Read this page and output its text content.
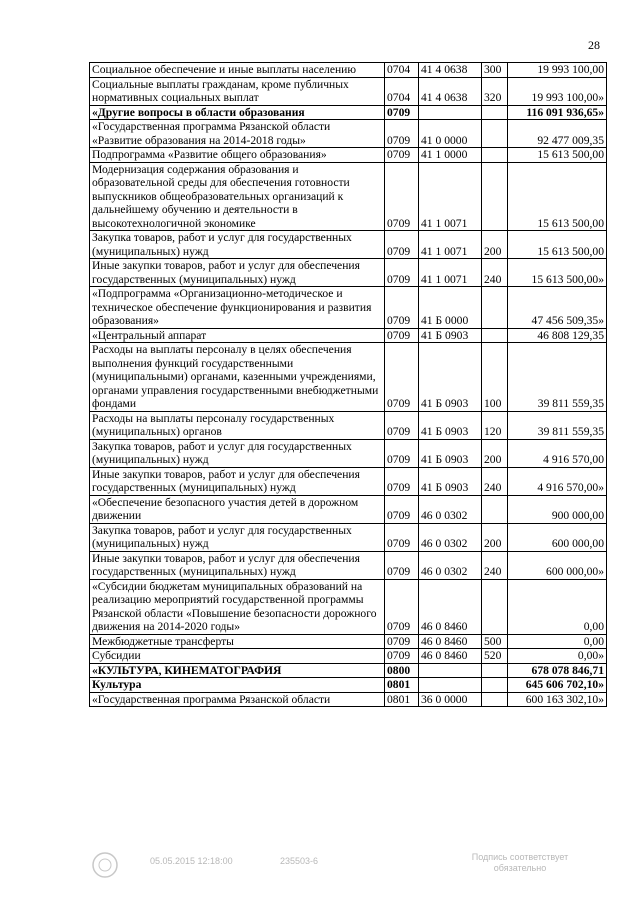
28
Социальное обеспечение и иные выплаты населению	0704	41 4 0638	300	19 993 100,00
Социальные выплаты гражданам, кроме публичных нормативных социальных выплат	0704	41 4 0638	320	19 993 100,00»
«Другие вопросы в области образования	0709			116 091 936,65»
«Государственная программа Рязанской области «Развитие образования на 2014-2018 годы»	0709	41 0 0000		92 477 009,35
Подпрограмма «Развитие общего образования»	0709	41 1 0000		15 613 500,00
Модернизация содержания образования и образовательной среды для обеспечения готовности выпускников общеобразовательных организаций к дальнейшему обучению и деятельности в высокотехнологичной экономике	0709	41 1 0071		15 613 500,00
Закупка товаров, работ и услуг для государственных (муниципальных) нужд	0709	41 1 0071	200	15 613 500,00
Иные закупки товаров, работ и услуг для обеспечения государственных (муниципальных) нужд	0709	41 1 0071	240	15 613 500,00»
«Подпрограмма «Организационно-методическое и техническое обеспечение функционирования и развития образования»	0709	41 Б 0000		47 456 509,35»
«Центральный аппарат	0709	41 Б 0903		46 808 129,35
Расходы на выплаты персоналу в целях обеспечения выполнения функций государственными (муниципальными) органами, казенными учреждениями, органами управления государственными внебюджетными фондами	0709	41 Б 0903	100	39 811 559,35
Расходы на выплаты персоналу государственных (муниципальных) органов	0709	41 Б 0903	120	39 811 559,35
Закупка товаров, работ и услуг для государственных (муниципальных) нужд	0709	41 Б 0903	200	4 916 570,00
Иные закупки товаров, работ и услуг для обеспечения государственных (муниципальных) нужд	0709	41 Б 0903	240	4 916 570,00»
«Обеспечение безопасного участия детей в дорожном движении	0709	46 0 0302		900 000,00
Закупка товаров, работ и услуг для государственных (муниципальных) нужд	0709	46 0 0302	200	600 000,00
Иные закупки товаров, работ и услуг для обеспечения государственных (муниципальных) нужд	0709	46 0 0302	240	600 000,00»
«Субсидии бюджетам муниципальных образований на реализацию мероприятий государственной программы Рязанской области «Повышение безопасности дорожного движения на 2014-2020 годы»	0709	46 0 8460		0,00
Межбюджетные трансферты	0709	46 0 8460	500	0,00
Субсидии	0709	46 0 8460	520	0,00»
«КУЛЬТУРА, КИНЕМАТОГРАФИЯ	0800			678 078 846,71
Культура	0801			645 606 702,10»
«Государственная программа Рязанской области	0801	36 0 0000		600 163 302,10»
05.05.2015 12:18:00	235503-6	Подпись соответствует
обязательно
